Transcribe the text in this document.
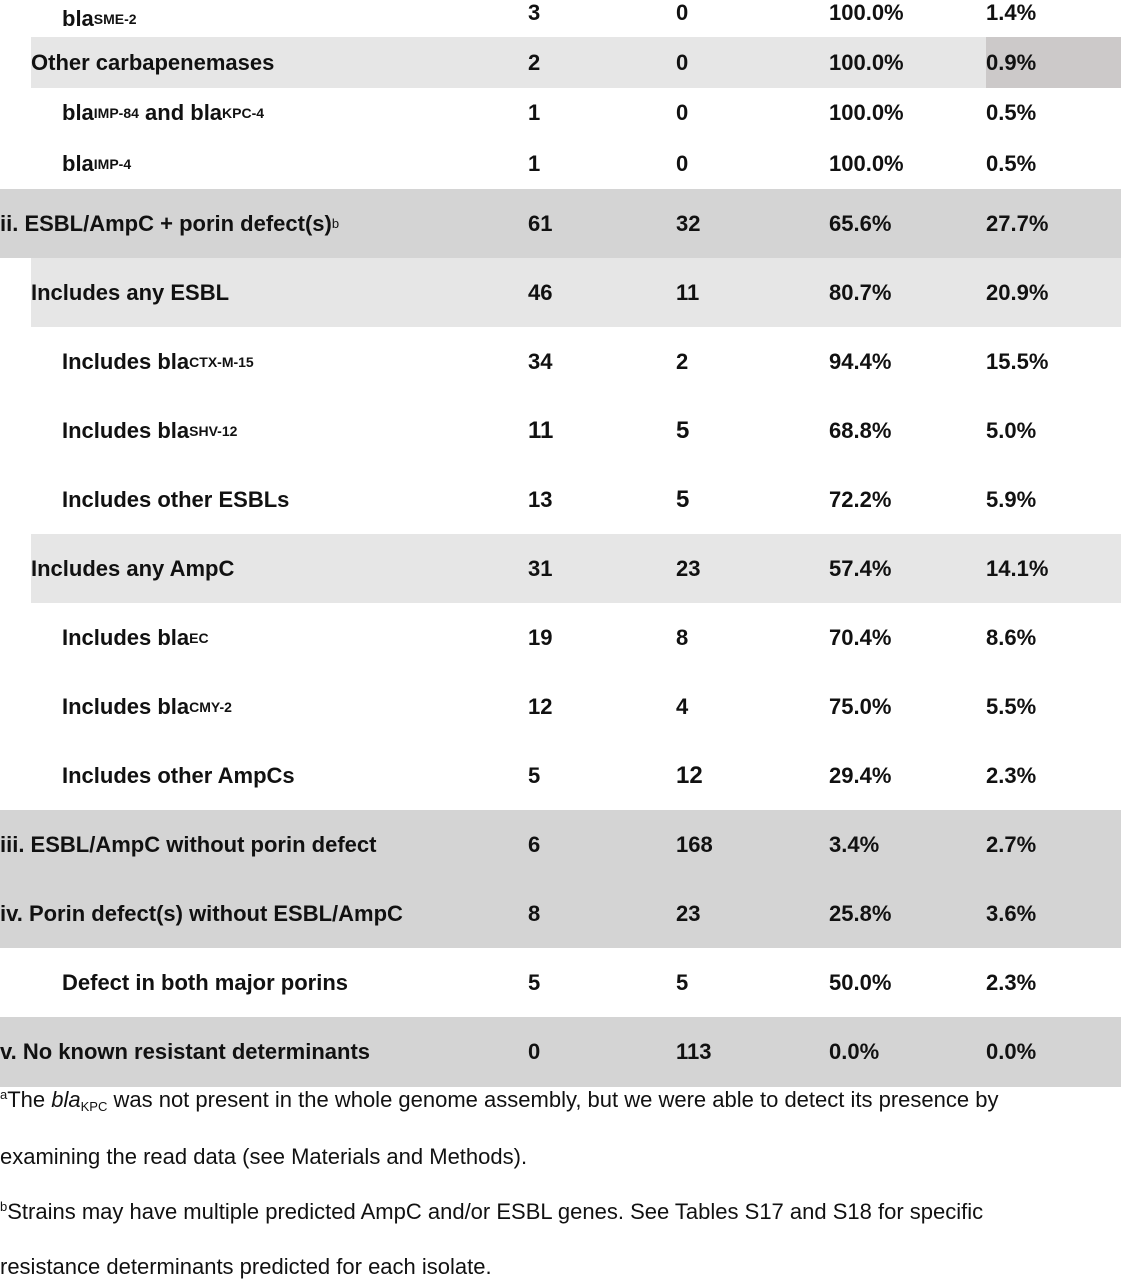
bla SME-2	3	0	100.0%	1.4%
Other carbapenemases	2	0	100.0%	0.9%
bla IMP-84 and bla KPC-4	1	0	100.0%	0.5%
bla IMP-4	1	0	100.0%	0.5%
ii. ESBL/AmpC + porin defect(s) b	61	32	65.6%	27.7%
Includes any ESBL	46	11	80.7%	20.9%
Includes bla CTX-M-15	34	2	94.4%	15.5%
Includes bla SHV-12	11	5	68.8%	5.0%
Includes other ESBLs	13	5	72.2%	5.9%
Includes any AmpC	31	23	57.4%	14.1%
Includes bla EC	19	8	70.4%	8.6%
Includes bla CMY-2	12	4	75.0%	5.5%
Includes other AmpCs	5	12	29.4%	2.3%
iii. ESBL/AmpC without porin defect	6	168	3.4%	2.7%
iv. Porin defect(s) without ESBL/AmpC	8	23	25.8%	3.6%
Defect in both major porins	5	5	50.0%	2.3%
v. No known resistant determinants	0	113	0.0%	0.0%
$^a$The bla$_{KPC}$ was not present in the whole genome assembly, but we were able to detect its presence by
examining the read data (see Materials and Methods).
$^b$Strains may have multiple predicted AmpC and/or ESBL genes. See Tables S17 and S18 for specific
resistance determinants predicted for each isolate.
